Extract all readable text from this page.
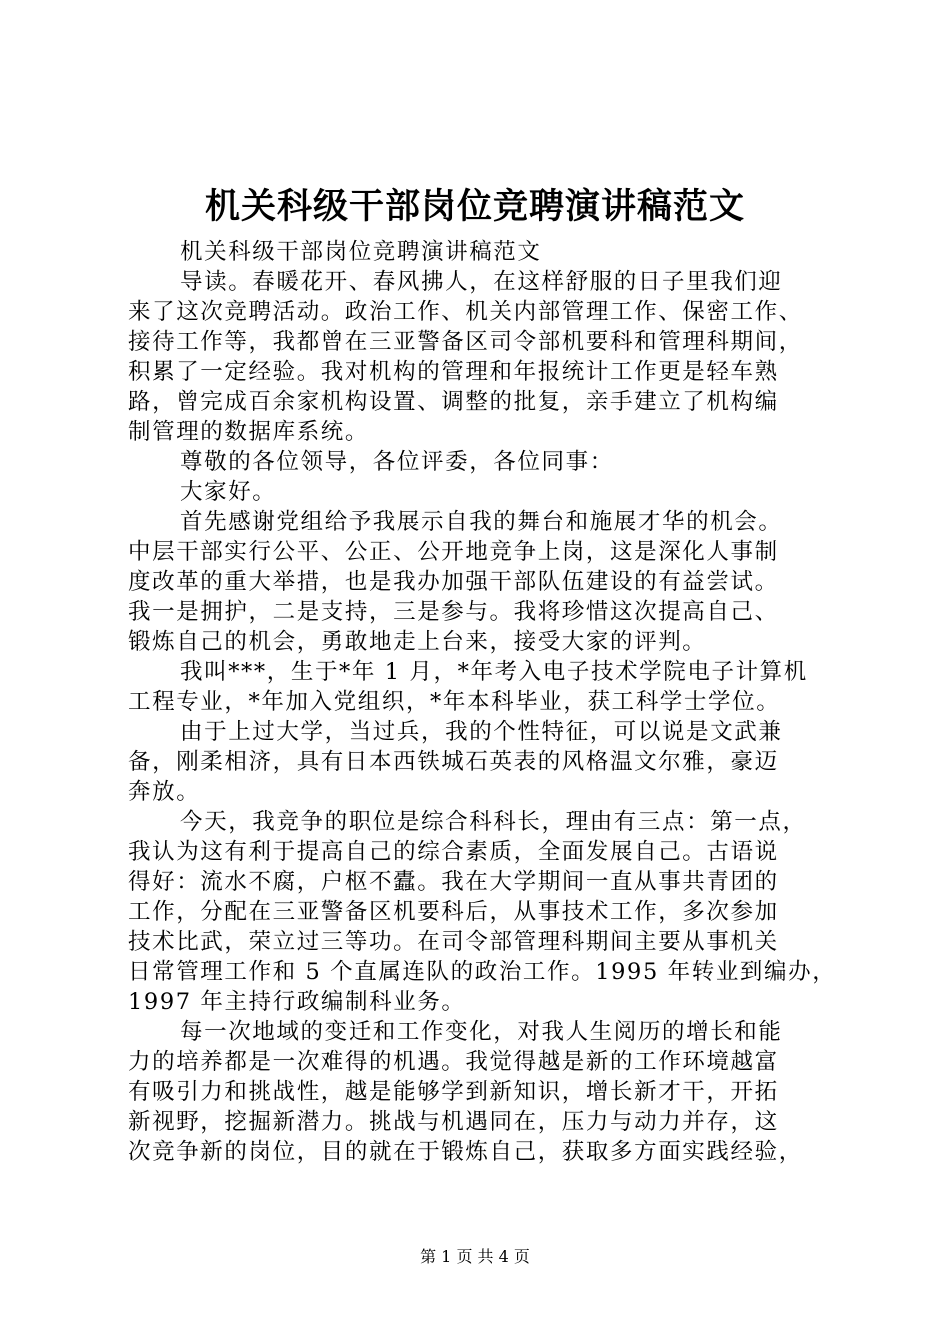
机关科级干部岗位竞聘演讲稿范文
机关科级干部岗位竞聘演讲稿范文
导读。春暖花开、春风拂人，在这样舒服的日子里我们迎
来了这次竞聘活动。政治工作、机关内部管理工作、保密工作、
接待工作等，我都曾在三亚警备区司令部机要科和管理科期间，
积累了一定经验。我对机构的管理和年报统计工作更是轻车熟
路，曾完成百余家机构设置、调整的批复，亲手建立了机构编
制管理的数据库系统。
尊敬的各位领导，各位评委，各位同事：
大家好。
首先感谢党组给予我展示自我的舞台和施展才华的机会。
中层干部实行公平、公正、公开地竞争上岗，这是深化人事制
度改革的重大举措，也是我办加强干部队伍建设的有益尝试。
我一是拥护，二是支持，三是参与。我将珍惜这次提高自己、
锻炼自己的机会，勇敢地走上台来，接受大家的评判。
我叫***，生于*年 1 月，*年考入电子技术学院电子计算机
工程专业，*年加入党组织，*年本科毕业，获工科学士学位。
由于上过大学，当过兵，我的个性特征，可以说是文武兼
备，刚柔相济，具有日本西铁城石英表的风格温文尔雅，豪迈
奔放。
今天，我竞争的职位是综合科科长，理由有三点：第一点，
我认为这有利于提高自己的综合素质，全面发展自己。古语说
得好：流水不腐，户枢不蠹。我在大学期间一直从事共青团的
工作，分配在三亚警备区机要科后，从事技术工作，多次参加
技术比武，荣立过三等功。在司令部管理科期间主要从事机关
日常管理工作和 5 个直属连队的政治工作。1995 年转业到编办，
1997 年主持行政编制科业务。
每一次地域的变迁和工作变化，对我人生阅历的增长和能
力的培养都是一次难得的机遇。我觉得越是新的工作环境越富
有吸引力和挑战性，越是能够学到新知识，增长新才干，开拓
新视野，挖掘新潜力。挑战与机遇同在，压力与动力并存，这
次竞争新的岗位，目的就在于锻炼自己，获取多方面实践经验，
第 1 页 共 4 页
